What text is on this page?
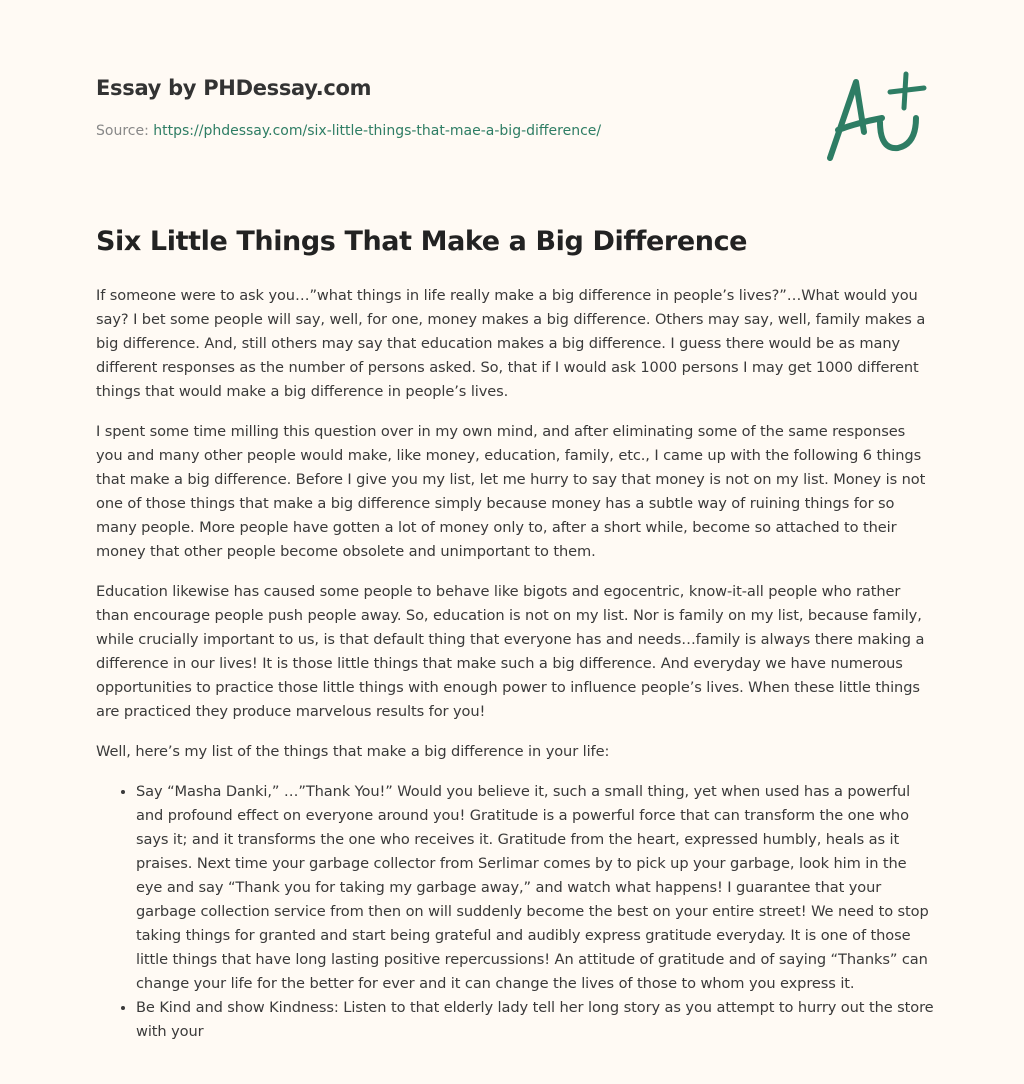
Essay by PHDessay.com
Source: https://phdessay.com/six-little-things-that-mae-a-big-difference/
Six Little Things That Make a Big Difference

If someone were to ask you…”what things in life really make a big difference in people’s lives?”…What would you say? I bet some people will say, well, for one, money makes a big difference. Others may say, well, family makes a big difference. And, still others may say that education makes a big difference. I guess there would be as many different responses as the number of persons asked. So, that if I would ask 1000 persons I may get 1000 different things that would make a big difference in people’s lives.

I spent some time milling this question over in my own mind, and after eliminating some of the same responses you and many other people would make, like money, education, family, etc., I came up with the following 6 things that make a big difference. Before I give you my list, let me hurry to say that money is not on my list. Money is not one of those things that make a big difference simply because money has a subtle way of ruining things for so many people. More people have gotten a lot of money only to, after a short while, become so attached to their money that other people become obsolete and unimportant to them.

Education likewise has caused some people to behave like bigots and egocentric, know-it-all people who rather than encourage people push people away. So, education is not on my list. Nor is family on my list, because family, while crucially important to us, is that default thing that everyone has and needs…family is always there making a difference in our lives! It is those little things that make such a big difference. And everyday we have numerous opportunities to practice those little things with enough power to influence people’s lives. When these little things are practiced they produce marvelous results for you!

Well, here’s my list of the things that make a big difference in your life:

• Say “Masha Danki,” …”Thank You!” Would you believe it, such a small thing, yet when used has a powerful and profound effect on everyone around you! Gratitude is a powerful force that can transform the one who says it; and it transforms the one who receives it. Gratitude from the heart, expressed humbly, heals as it praises. Next time your garbage collector from Serlimar comes by to pick up your garbage, look him in the eye and say “Thank you for taking my garbage away,” and watch what happens! I guarantee that your garbage collection service from then on will suddenly become the best on your entire street! We need to stop taking things for granted and start being grateful and audibly express gratitude everyday. It is one of those little things that have long lasting positive repercussions! An attitude of gratitude and of saying “Thanks” can change your life for the better for ever and it can change the lives of those to whom you express it.
• Be Kind and show Kindness: Listen to that elderly lady tell her long story as you attempt to hurry out the store with your
